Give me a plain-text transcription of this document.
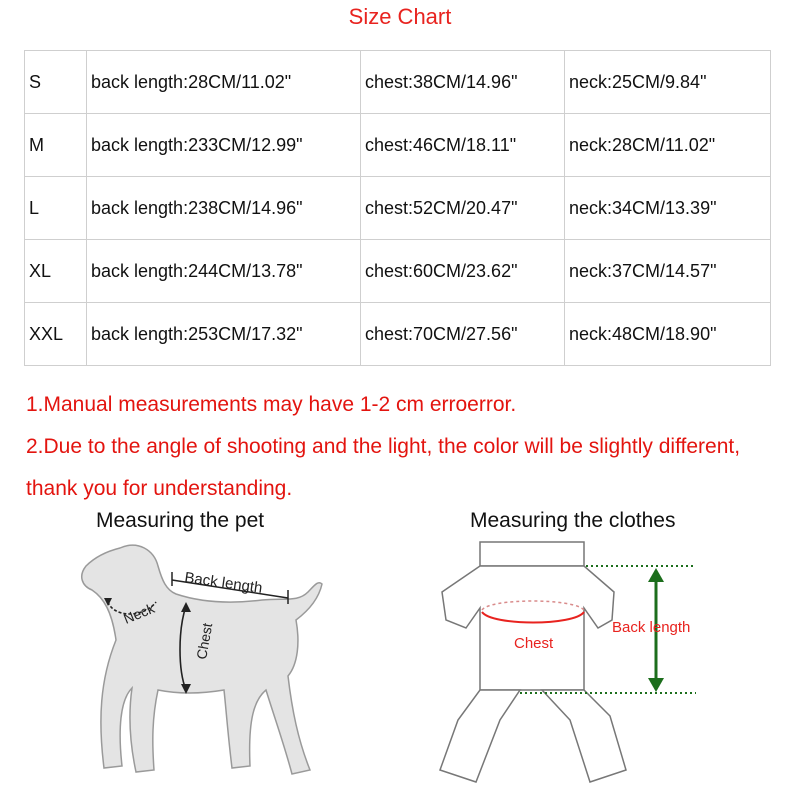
Size Chart
S	back length:28CM/11.02"	chest:38CM/14.96"	neck:25CM/9.84"
M	back length:233CM/12.99"	chest:46CM/18.11"	neck:28CM/11.02"
L	back length:238CM/14.96"	chest:52CM/20.47"	neck:34CM/13.39"
XL	back length:244CM/13.78"	chest:60CM/23.62"	neck:37CM/14.57"
XXL	back length:253CM/17.32"	chest:70CM/27.56"	neck:48CM/18.90"

1.Manual measurements may have 1-2 cm erroerror.

2.Due to the angle of shooting and the light, the color will be slightly different, thank you for understanding.

Measuring the pet	Measuring the clothes
Back length
Neck
Chest	Chest
Back length
